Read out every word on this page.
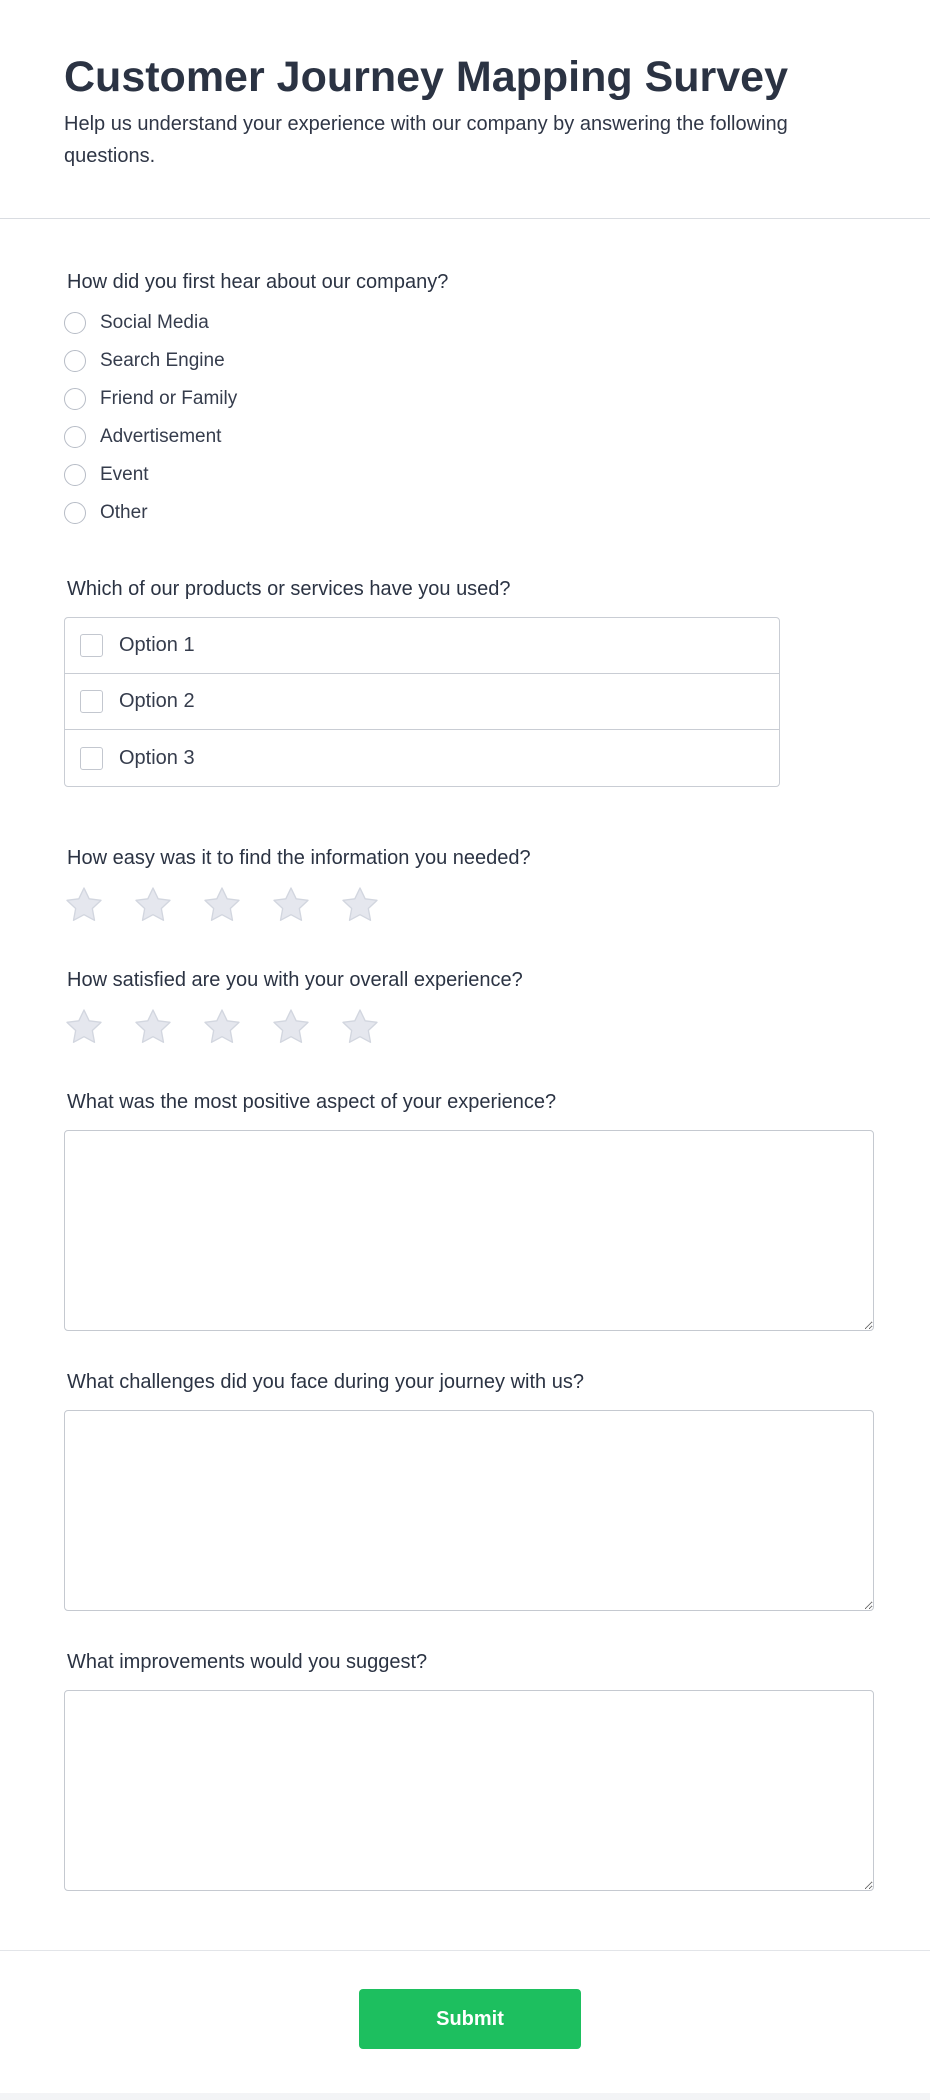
Customer Journey Mapping Survey

Help us understand your experience with our company by answering the following questions.

How did you first hear about our company?

Social Media
Search Engine
Friend or Family
Advertisement
Event
Other

Which of our products or services have you used?

Option 1
Option 2
Option 3

How easy was it to find the information you needed?

How satisfied are you with your overall experience?

What was the most positive aspect of your experience?

What challenges did you face during your journey with us?

What improvements would you suggest?

Submit
